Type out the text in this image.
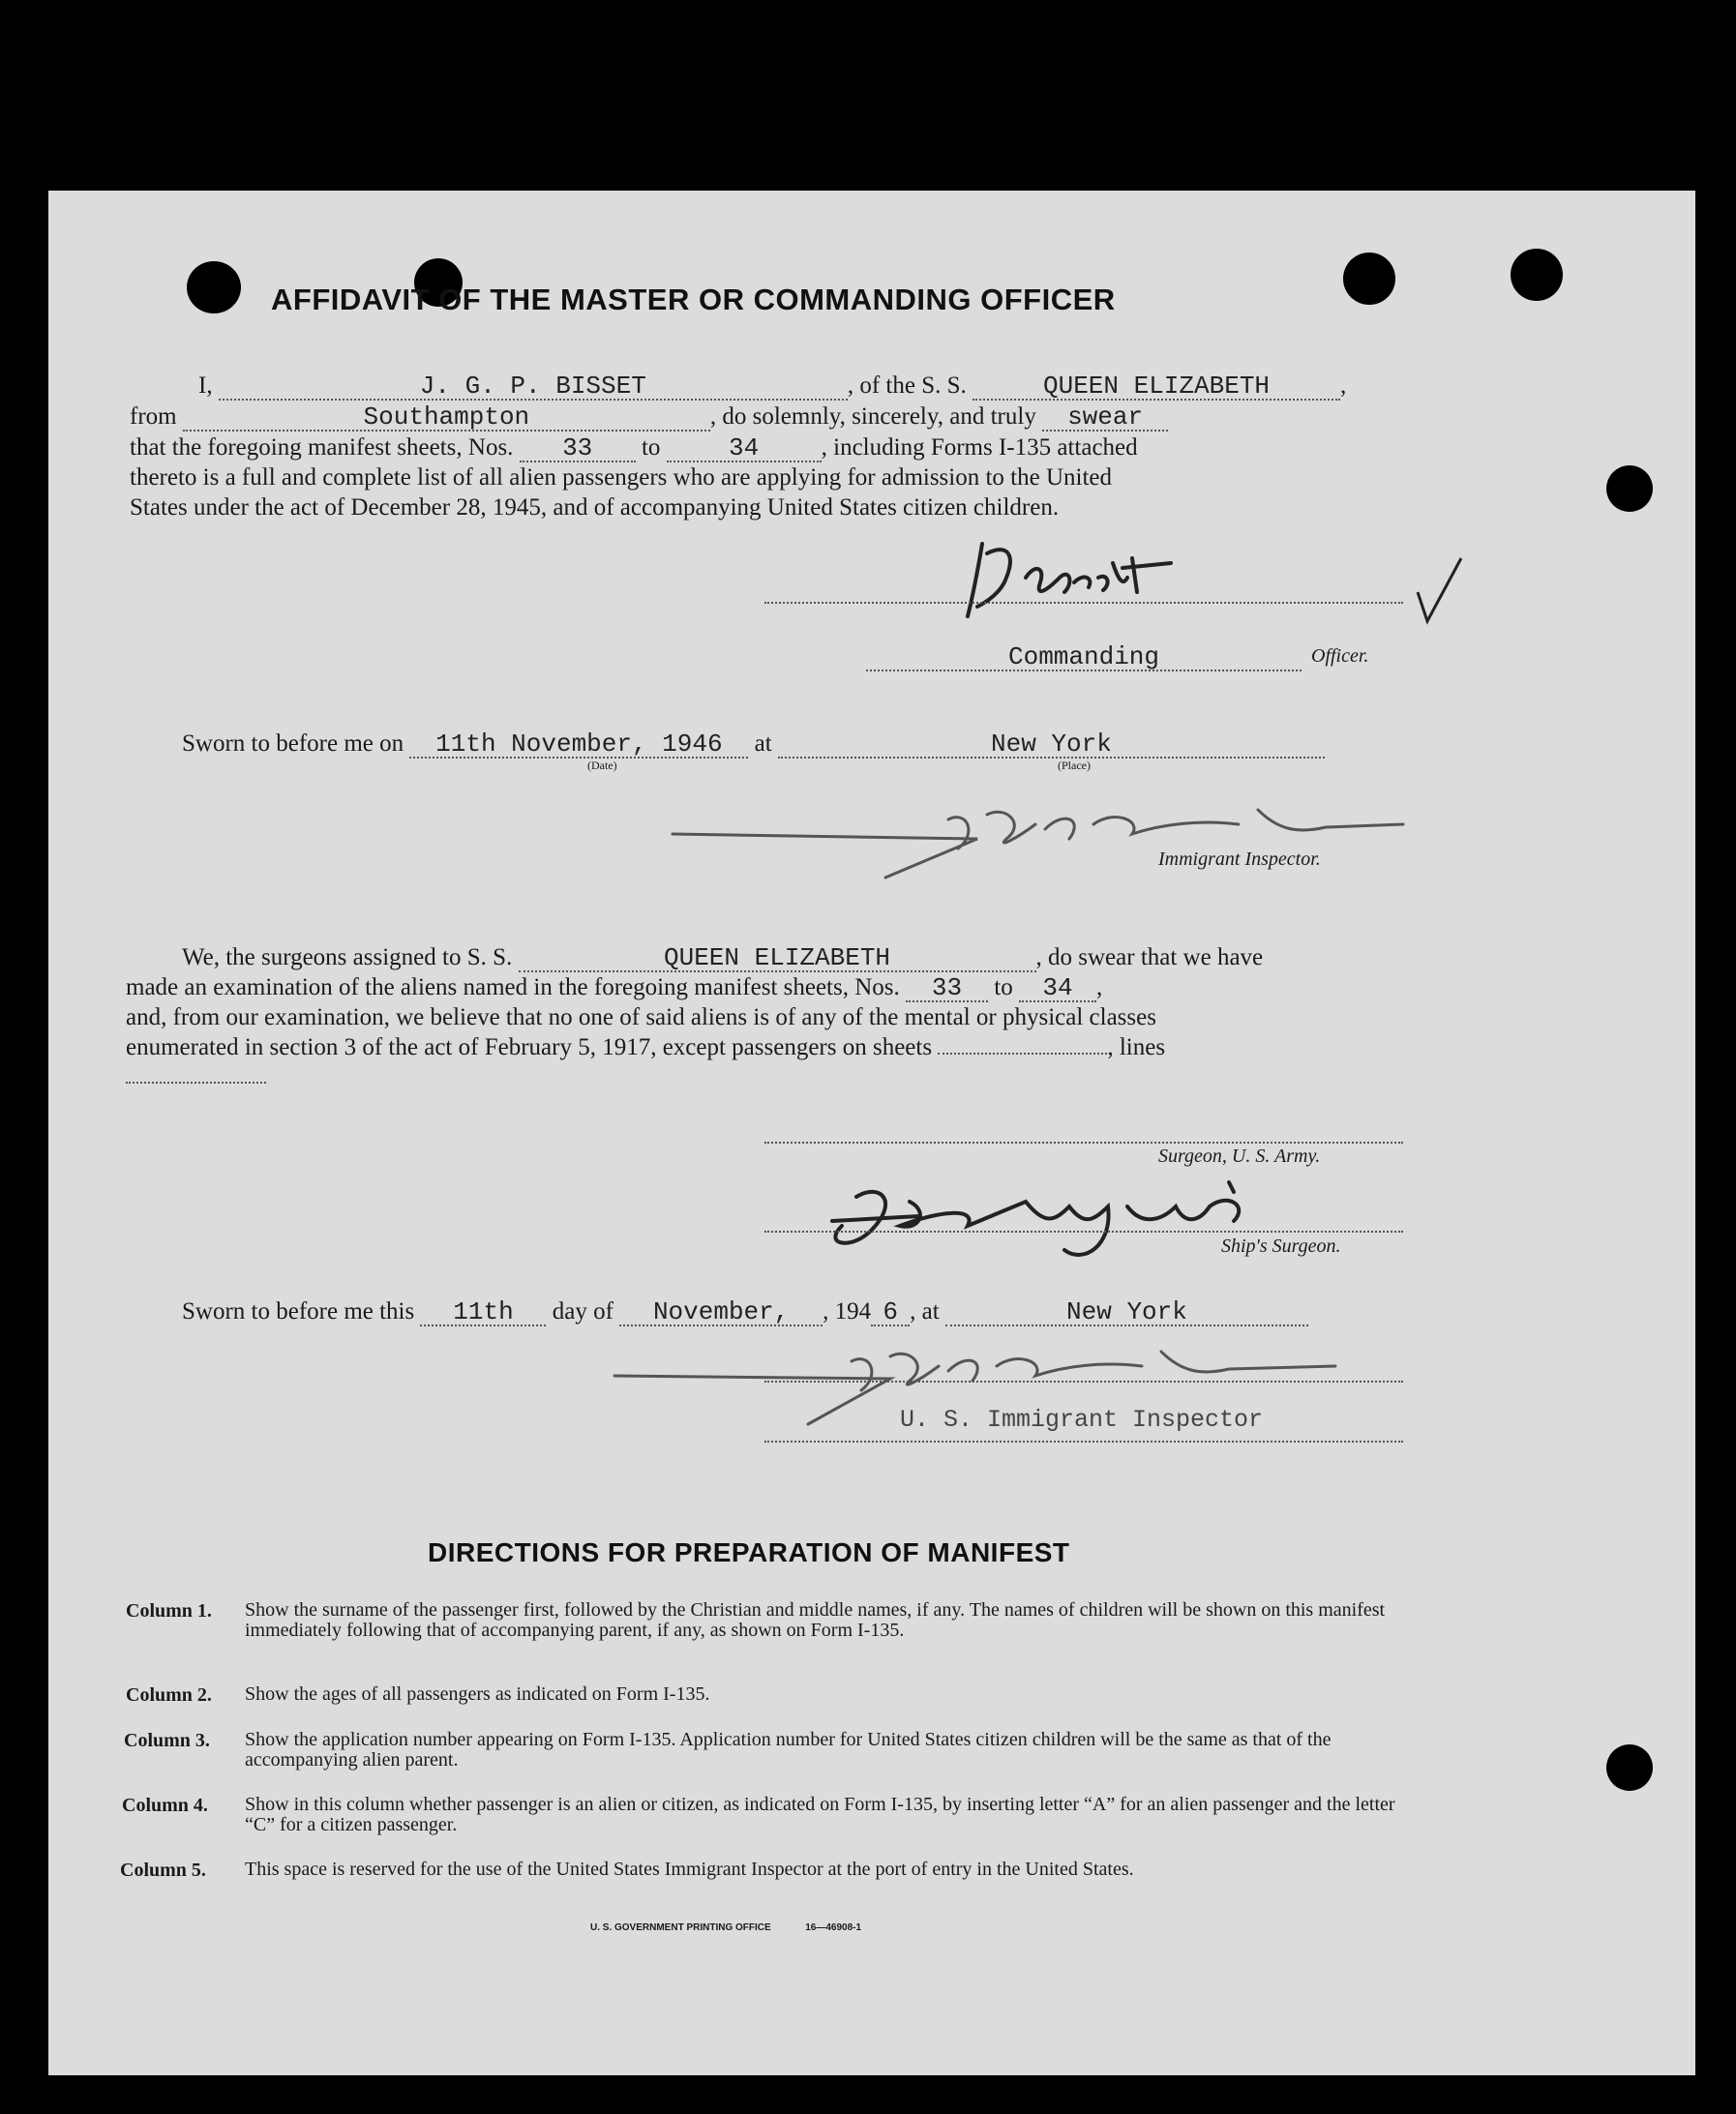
AFFIDAVIT OF THE MASTER OR COMMANDING OFFICER
I,	J. G. P. BISSET	, of the S. S.	QUEEN ELIZABETH	,
from	Southampton	, do solemnly, sincerely, and truly swear
that the foregoing manifest sheets, Nos. 33 to	34	, including Forms I-135 attached
thereto is a full and complete list of all alien passengers who are applying for admission to the United
States under the act of December 28, 1945, and of accompanying United States citizen children.
Commanding	Officer.
Sworn to before me on 11th November, 1946 at	New York
(Date)	(Place)
Immigrant Inspector.
We, the surgeons assigned to S. S.	QUEEN ELIZABETH	, do swear that we have
made an examination of the aliens named in the foregoing manifest sheets, Nos. 33 to 34 ,
and, from our examination, we believe that no one of said aliens is of any of the mental or physical classes
enumerated in section 3 of the act of February 5, 1917, except passengers on sheets	, lines
Surgeon, U. S. Army.
Ship's Surgeon.
Sworn to before me this 11th day of November, , 194 6 , at	New York
U. S. Immigrant Inspector
DIRECTIONS FOR PREPARATION OF MANIFEST
Column 1. Show the surname of the passenger first, followed by the Christian and middle names, if any. The names of children will be shown on this manifest immediately following that of accompanying parent, if any, as shown on Form I-135.
Column 2. Show the ages of all passengers as indicated on Form I-135.
Column 3. Show the application number appearing on Form I-135. Application number for United States citizen children will be the same as that of the accompanying alien parent.
Column 4. Show in this column whether passenger is an alien or citizen, as indicated on Form I-135, by inserting letter “A” for an alien passenger and the letter “C” for a citizen passenger.
Column 5. This space is reserved for the use of the United States Immigrant Inspector at the port of entry in the United States.
U. S. GOVERNMENT PRINTING OFFICE	16—46908-1
